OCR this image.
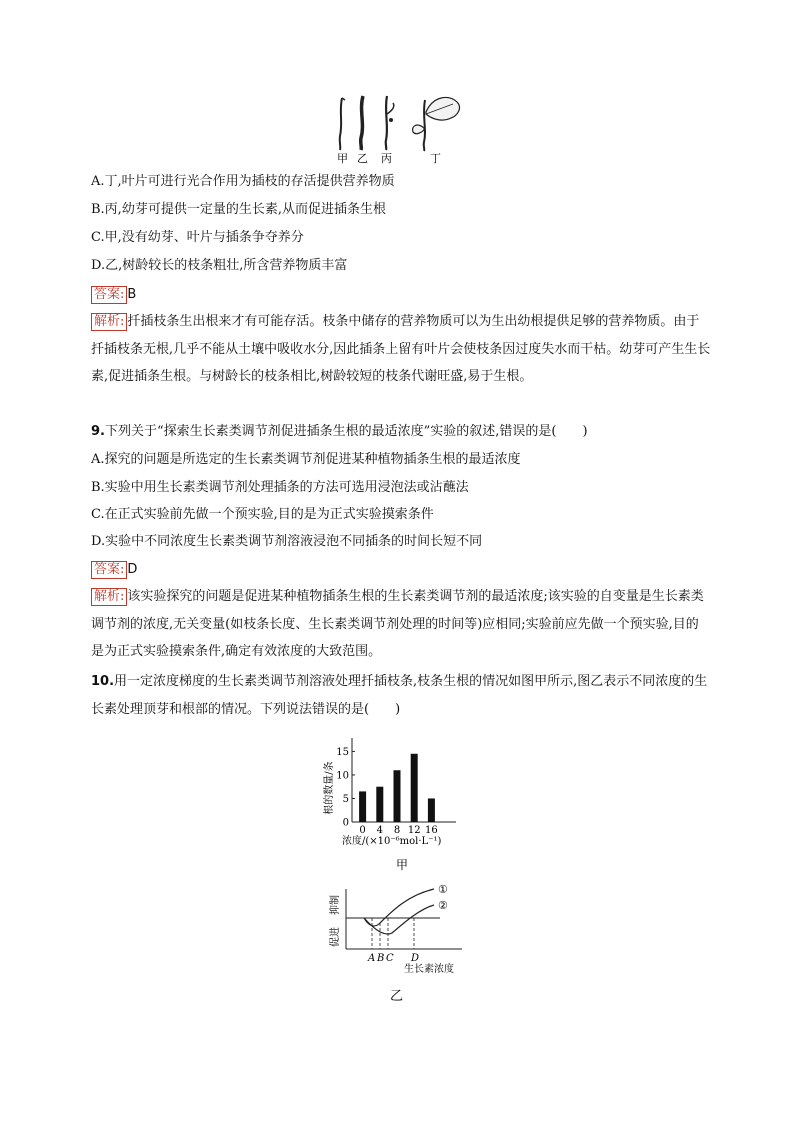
甲 乙 丙	丁
A.丁,叶片可进行光合作用为插枝的存活提供营养物质
B.丙,幼芽可提供一定量的生长素,从而促进插条生根
C.甲,没有幼芽、叶片与插条争夺养分
D.乙,树龄较长的枝条粗壮,所含营养物质丰富
答案: B
解析: 扦插枝条生出根来才有可能存活。枝条中储存的营养物质可以为生出幼根提供足够的营养物质。由于扦插枝条无根,几乎不能从土壤中吸收水分,因此插条上留有叶片会使枝条因过度失水而干枯。幼芽可产生生长素,促进插条生根。与树龄长的枝条相比,树龄较短的枝条代谢旺盛,易于生根。
9.下列关于“探索生长素类调节剂促进插条生根的最适浓度”实验的叙述,错误的是(　　)
A.探究的问题是所选定的生长素类调节剂促进某种植物插条生根的最适浓度
B.实验中用生长素类调节剂处理插条的方法可选用浸泡法或沾蘸法
C.在正式实验前先做一个预实验,目的是为正式实验摸索条件
D.实验中不同浓度生长素类调节剂溶液浸泡不同插条的时间长短不同
答案: D
解析: 该实验探究的问题是促进某种植物插条生根的生长素类调节剂的最适浓度;该实验的自变量是生长素类调节剂的浓度,无关变量(如枝条长度、生长素类调节剂处理的时间等)应相同;实验前应先做一个预实验,目的是为正式实验摸索条件,确定有效浓度的大致范围。
10.用一定浓度梯度的生长素类调节剂溶液处理扦插枝条,枝条生根的情况如图甲所示,图乙表示不同浓度的生长素处理顶芽和根部的情况。下列说法错误的是(　　)
根的数量/条
浓度/(×10⁻⁶mol·L⁻¹)
甲
0
5
10
15
0 4 8 12 16
抑制
促进
①
②
A B C D
生长素浓度
乙
